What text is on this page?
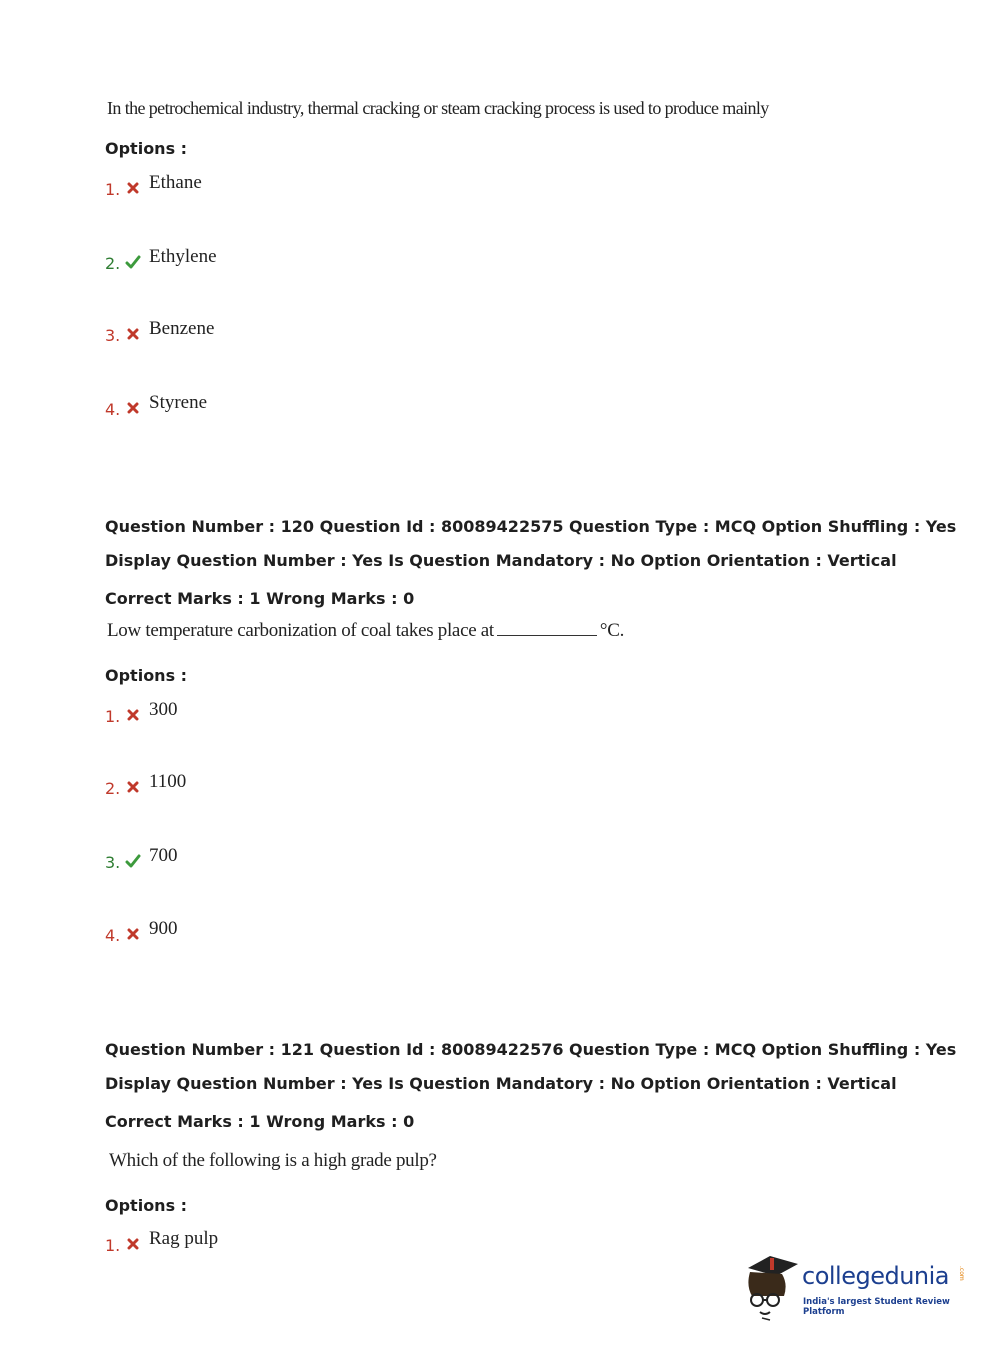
In the petrochemical industry, thermal cracking or steam cracking process is used to produce mainly
Options :
1. Ethane
2. Ethylene
3. Benzene
4. Styrene
Question Number : 120 Question Id : 80089422575 Question Type : MCQ Option Shuffling : Yes
Display Question Number : Yes Is Question Mandatory : No Option Orientation : Vertical
Correct Marks : 1 Wrong Marks : 0
Low temperature carbonization of coal takes place at	°C.
Options :
1. 300
2. 1100
3. 700
4. 900
Question Number : 121 Question Id : 80089422576 Question Type : MCQ Option Shuffling : Yes
Display Question Number : Yes Is Question Mandatory : No Option Orientation : Vertical
Correct Marks : 1 Wrong Marks : 0
Which of the following is a high grade pulp?
Options :
1. Rag pulp
collegedunia .com
India's largest Student Review Platform
